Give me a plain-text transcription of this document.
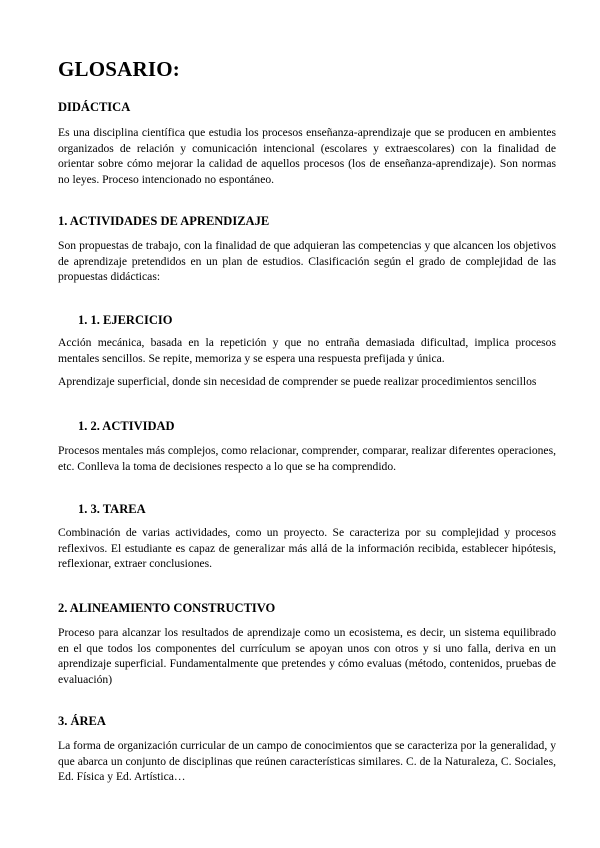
GLOSARIO:
DIDÁCTICA

Es una disciplina científica que estudia los procesos enseñanza-aprendizaje que se producen en ambientes organizados de relación y comunicación intencional (escolares y extraescolares) con la finalidad de orientar sobre cómo mejorar la calidad de aquellos procesos (los de enseñanza-aprendizaje). Son normas no leyes. Proceso intencionado no espontáneo.

1. ACTIVIDADES DE APRENDIZAJE

Son propuestas de trabajo, con la finalidad de que adquieran las competencias y que alcancen los objetivos de aprendizaje pretendidos en un plan de estudios. Clasificación según el grado de complejidad de las propuestas didácticas:

1. 1. EJERCICIO

Acción mecánica, basada en la repetición y que no entraña demasiada dificultad, implica procesos mentales sencillos. Se repite, memoriza y se espera una respuesta prefijada y única.

Aprendizaje superficial, donde sin necesidad de comprender se puede realizar procedimientos sencillos

1. 2. ACTIVIDAD

Procesos mentales más complejos, como relacionar, comprender, comparar, realizar diferentes operaciones, etc. Conlleva la toma de decisiones respecto a lo que se ha comprendido.

1. 3. TAREA

Combinación de varias actividades, como un proyecto. Se caracteriza por su complejidad y procesos reflexivos. El estudiante es capaz de generalizar más allá de la información recibida, establecer hipótesis, reflexionar, extraer conclusiones.

2. ALINEAMIENTO CONSTRUCTIVO

Proceso para alcanzar los resultados de aprendizaje como un ecosistema, es decir, un sistema equilibrado en el que todos los componentes del currículum se apoyan unos con otros y si uno falla, deriva en un aprendizaje superficial. Fundamentalmente que pretendes y cómo evaluas (método, contenidos, pruebas de evaluación)

3. ÁREA

La forma de organización curricular de un campo de conocimientos que se caracteriza por la generalidad, y que abarca un conjunto de disciplinas que reúnen características similares. C. de la Naturaleza, C. Sociales, Ed. Física y Ed. Artística…
